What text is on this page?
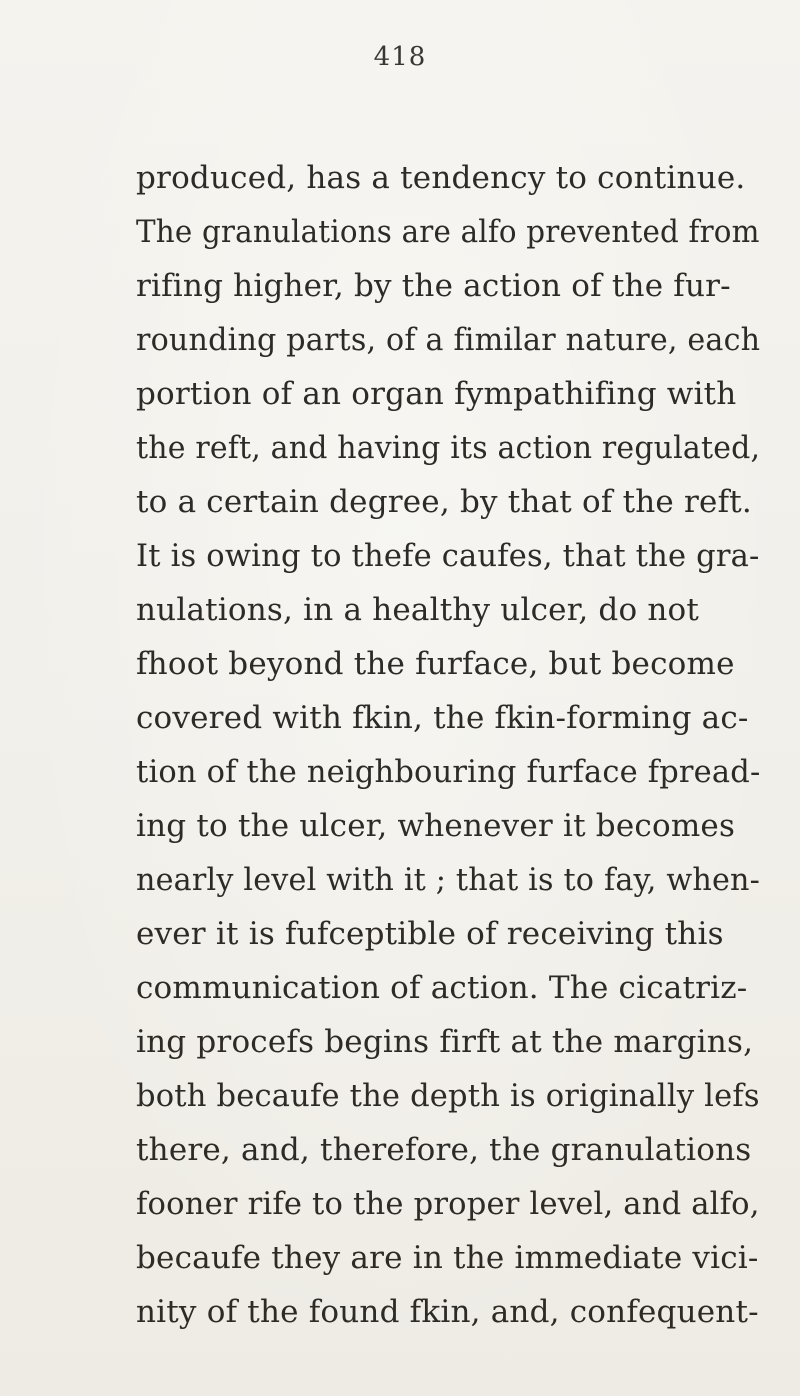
418
produced, has a tendency to continue.
The granulations are alfo prevented from
rifing higher, by the action of the fur-
rounding parts, of a fimilar nature, each
portion of an organ fympathifing with
the reft, and having its action regulated,
to a certain degree, by that of the reft.
It is owing to thefe caufes, that the gra-
nulations, in a healthy ulcer, do not
fhoot beyond the furface, but become
covered with fkin, the fkin-forming ac-
tion of the neighbouring furface fpread-
ing to the ulcer, whenever it becomes
nearly level with it ; that is to fay, when-
ever it is fufceptible of receiving this
communication of action. The cicatriz-
ing procefs begins firft at the margins,
both becaufe the depth is originally lefs
there, and, therefore, the granulations
fooner rife to the proper level, and alfo,
becaufe they are in the immediate vici-
nity of the found fkin, and, confequent-
